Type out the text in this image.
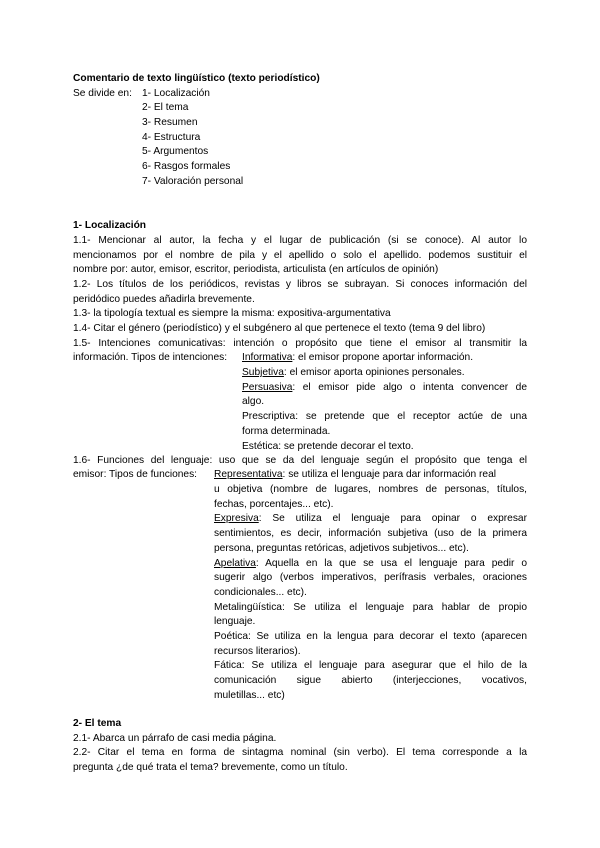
Comentario de texto lingüístico (texto periodístico)

Se divide en: 1- Localización

2- El tema

3- Resumen

4- Estructura

5- Argumentos

6- Rasgos formales

7- Valoración personal

1- Localización

1.1- Mencionar al autor, la fecha y el lugar de publicación (si se conoce). Al autor lo

mencionamos por el nombre de pila y el apellido o solo el apellido. podemos sustituir el

nombre por: autor, emisor, escritor, periodista, articulista (en artículos de opinión)

1.2- Los títulos de los periódicos, revistas y libros se subrayan. Si conoces información del

peridódico puedes añadirla brevemente.

1.3- la tipología textual es siempre la misma: expositiva-argumentativa

1.4- Citar el género (periodístico) y el subgénero al que pertenece el texto (tema 9 del libro)

1.5- Intenciones comunicativas: intención o propósito que tiene el emisor al transmitir la

información. Tipos de intenciones: Informativa: el emisor propone aportar información.

Subjetiva: el emisor aporta opiniones personales.

Persuasiva: el emisor pide algo o intenta convencer de

algo.

Prescriptiva: se pretende que el receptor actúe de una

forma determinada.

Estética: se pretende decorar el texto.

1.6- Funciones del lenguaje: uso que se da del lenguaje según el propósito que tenga el

emisor: Tipos de funciones: Representativa: se utiliza el lenguaje para dar información real

u objetiva (nombre de lugares, nombres de personas, títulos,

fechas, porcentajes... etc).

Expresiva: Se utiliza el lenguaje para opinar o expresar

sentimientos, es decir, información subjetiva (uso de la primera

persona, preguntas retóricas, adjetivos subjetivos... etc).

Apelativa: Aquella en la que se usa el lenguaje para pedir o

sugerir algo (verbos imperativos, perífrasis verbales, oraciones

condicionales... etc).

Metalingüística: Se utiliza el lenguaje para hablar de propio

lenguaje.

Poética: Se utiliza en la lengua para decorar el texto (aparecen

recursos literarios).

Fática: Se utiliza el lenguaje para asegurar que el hilo de la

comunicación sigue abierto (interjecciones, vocativos,

muletillas... etc)

2- El tema

2.1- Abarca un párrafo de casi media página.

2.2- Citar el tema en forma de sintagma nominal (sin verbo). El tema corresponde a la

pregunta ¿de qué trata el tema? brevemente, como un título.
